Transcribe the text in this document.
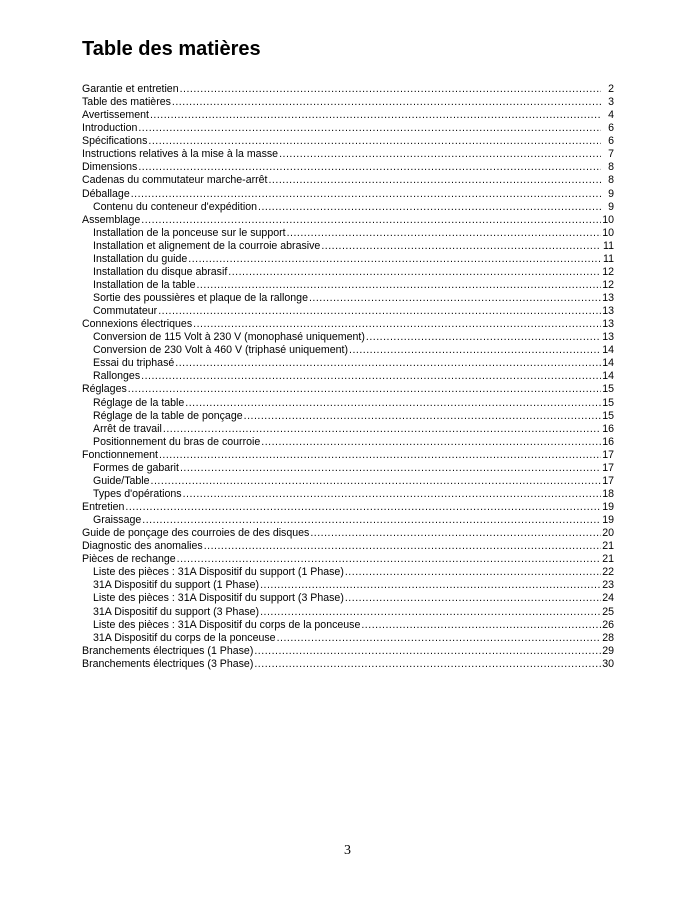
Table des matières
Garantie et entretien .....	2
Table des matières .....	3
Avertissement .....	4
Introduction .....	6
Spécifications .....	6
Instructions relatives à la mise à la masse .....	7
Dimensions .....	8
Cadenas du commutateur marche-arrêt .....	8
Déballage .....	9
Contenu du conteneur d'expédition .....	9
Assemblage .....	10
Installation de la ponceuse sur le support .....	10
Installation et alignement de la courroie abrasive .....	11
Installation du guide .....	11
Installation du disque abrasif .....	12
Installation de la table .....	12
Sortie des poussières et plaque de la rallonge .....	13
Commutateur .....	13
Connexions électriques .....	13
Conversion de 115 Volt à 230 V (monophasé uniquement) .....	13
Conversion de 230 Volt à 460 V (triphasé uniquement) .....	14
Essai du triphasé .....	14
Rallonges .....	14
Réglages .....	15
Réglage de la table .....	15
Réglage de la table de ponçage .....	15
Arrêt de travail .....	16
Positionnement du bras de courroie .....	16
Fonctionnement .....	17
Formes de gabarit .....	17
Guide/Table .....	17
Types d'opérations .....	18
Entretien .....	19
Graissage .....	19
Guide de ponçage des courroies de des disques .....	20
Diagnostic des anomalies .....	21
Pièces de rechange .....	21
Liste des pièces : 31A Dispositif du support (1 Phase) .....	22
31A Dispositif du support (1 Phase) .....	23
Liste des pièces : 31A Dispositif du support (3 Phase) .....	24
31A Dispositif du support (3 Phase) .....	25
Liste des pièces : 31A Dispositif du corps de la ponceuse .....	26
31A Dispositif du corps de la ponceuse .....	28
Branchements électriques (1 Phase) .....	29
Branchements électriques (3 Phase) .....	30
3
